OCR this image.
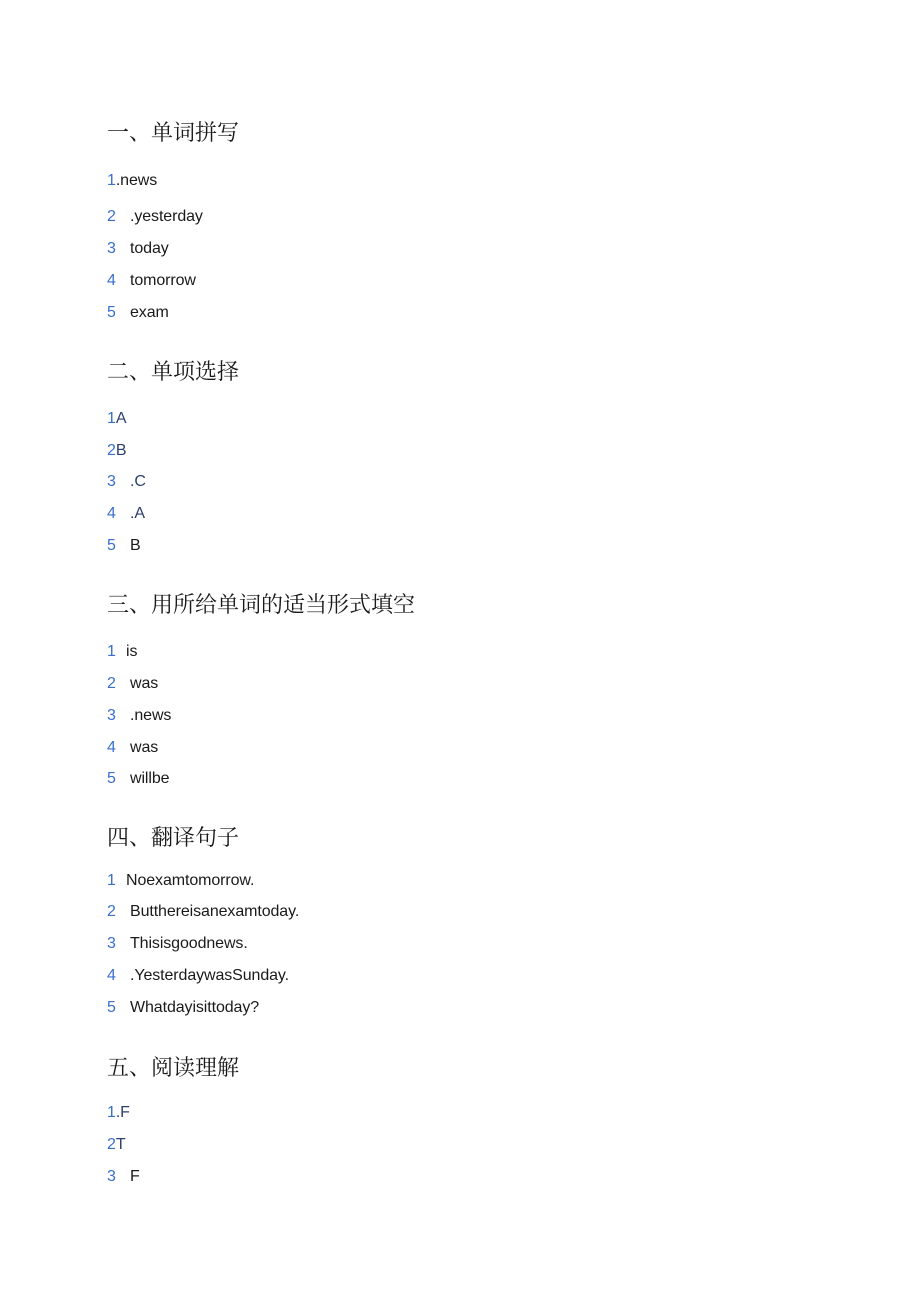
一、单词拼写
1.news
2 .yesterday
3 today
4 tomorrow
5 exam
二、单项选择
1A
2B
3 .C
4 .A
5 B
三、用所给单词的适当形式填空
1 is
2 was
3 .news
4 was
5 willbe
四、翻译句子
1 Noexamtomorrow.
2 Butthereisanexamtoday.
3 Thisisgoodnews.
4 .YesterdaywasSunday.
5 Whatdayisittoday?
五、阅读理解
1.F
2T
3 F
